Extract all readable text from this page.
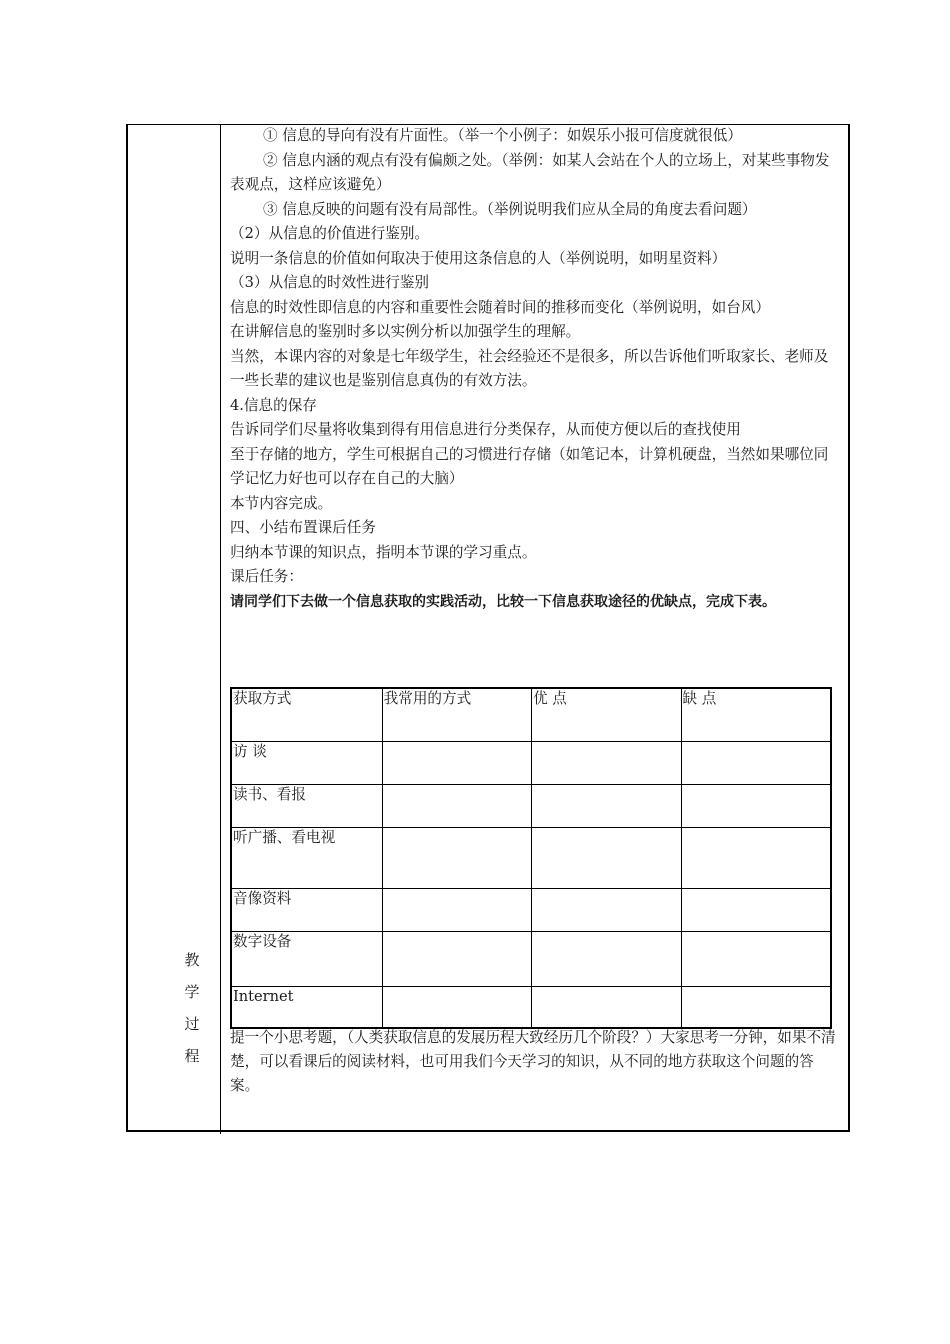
教
学
过
程

① 信息的导向有没有片面性。（举一个小例子：如娱乐小报可信度就很低）

② 信息内涵的观点有没有偏颇之处。（举例：如某人会站在个人的立场上，对某些事物发表观点，这样应该避免）

③ 信息反映的问题有没有局部性。（举例说明我们应从全局的角度去看问题）

（2）从信息的价值进行鉴别。

说明一条信息的价值如何取决于使用这条信息的人（举例说明，如明星资料）

（3）从信息的时效性进行鉴别

信息的时效性即信息的内容和重要性会随着时间的推移而变化（举例说明，如台风）

在讲解信息的鉴别时多以实例分析以加强学生的理解。

当然，本课内容的对象是七年级学生，社会经验还不是很多，所以告诉他们听取家长、老师及一些长辈的建议也是鉴别信息真伪的有效方法。

4.信息的保存

告诉同学们尽量将收集到得有用信息进行分类保存，从而使方便以后的查找使用

至于存储的地方，学生可根据自己的习惯进行存储（如笔记本，计算机硬盘，当然如果哪位同学记忆力好也可以存在自己的大脑）

本节内容完成。

四、小结布置课后任务

归纳本节课的知识点，指明本节课的学习重点。

课后任务：

请同学们下去做一个信息获取的实践活动，比较一下信息获取途径的优缺点，完成下表。

获取方式	我常用的方式	优 点	缺 点
访 谈			
读书、看报			
听广播、看电视			
音像资料			
数字设备			
Internet			

提一个小思考题，（人类获取信息的发展历程大致经历几个阶段？）大家思考一分钟，如果不清楚，可以看课后的阅读材料，也可用我们今天学习的知识，从不同的地方获取这个问题的答案。
